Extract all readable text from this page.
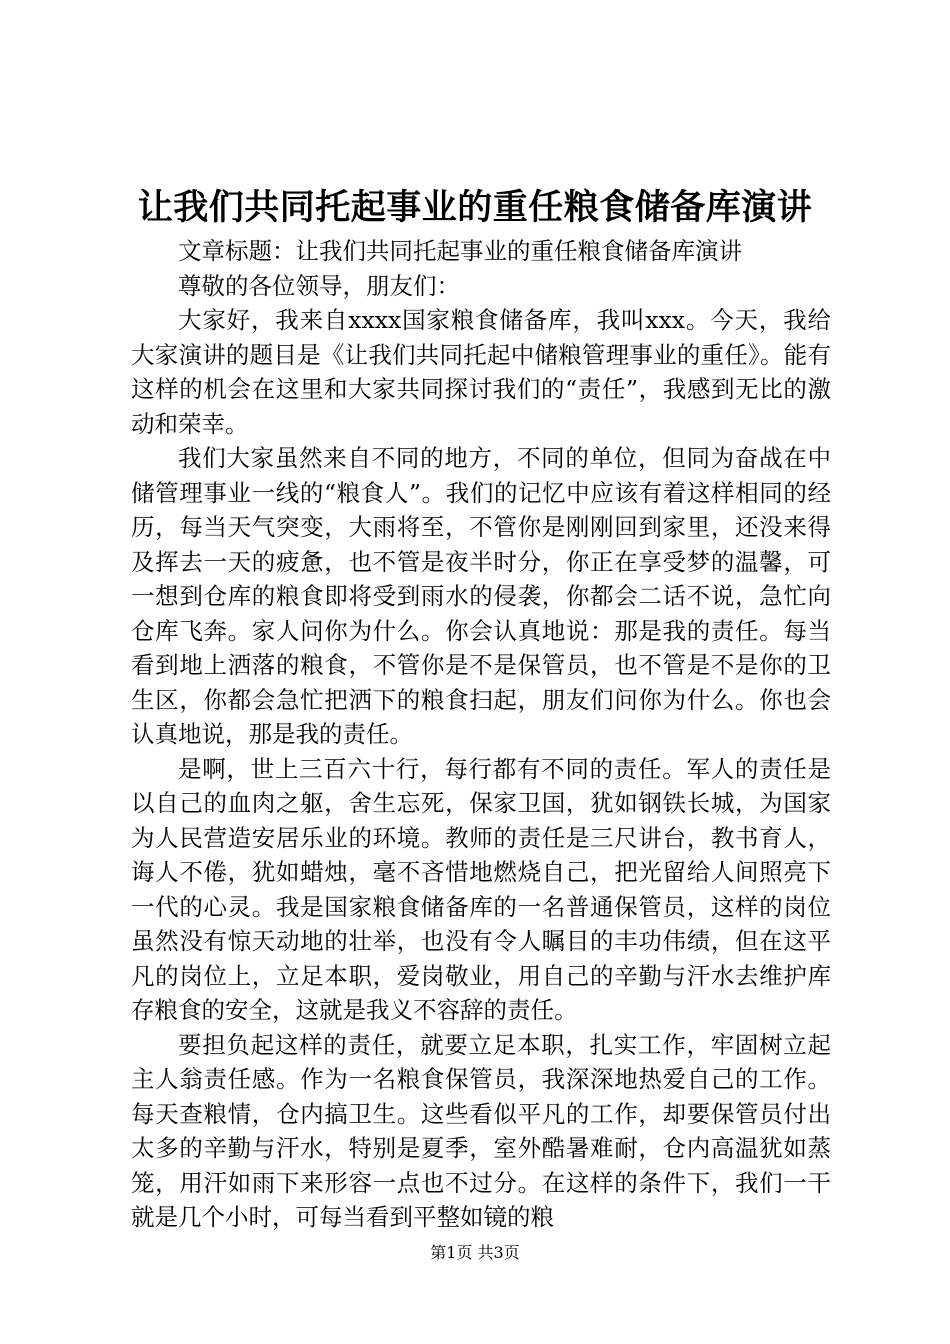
让我们共同托起事业的重任粮食储备库演讲

文章标题：让我们共同托起事业的重任粮食储备库演讲

尊敬的各位领导，朋友们：

大家好，我来自xxxx国家粮食储备库，我叫xxx。今天，我给大家演讲的题目是《让我们共同托起中储粮管理事业的重任》。能有这样的机会在这里和大家共同探讨我们的“责任”，我感到无比的激动和荣幸。

我们大家虽然来自不同的地方，不同的单位，但同为奋战在中储管理事业一线的“粮食人”。我们的记忆中应该有着这样相同的经历，每当天气突变，大雨将至，不管你是刚刚回到家里，还没来得及挥去一天的疲惫，也不管是夜半时分，你正在享受梦的温馨，可一想到仓库的粮食即将受到雨水的侵袭，你都会二话不说，急忙向仓库飞奔。家人问你为什么。你会认真地说：那是我的责任。每当看到地上洒落的粮食，不管你是不是保管员，也不管是不是你的卫生区，你都会急忙把洒下的粮食扫起，朋友们问你为什么。你也会认真地说，那是我的责任。

是啊，世上三百六十行，每行都有不同的责任。军人的责任是以自己的血肉之躯，舍生忘死，保家卫国，犹如钢铁长城，为国家为人民营造安居乐业的环境。教师的责任是三尺讲台，教书育人，诲人不倦，犹如蜡烛，毫不吝惜地燃烧自己，把光留给人间照亮下一代的心灵。我是国家粮食储备库的一名普通保管员，这样的岗位虽然没有惊天动地的壮举，也没有令人瞩目的丰功伟绩，但在这平凡的岗位上，立足本职，爱岗敬业，用自己的辛勤与汗水去维护库存粮食的安全，这就是我义不容辞的责任。

要担负起这样的责任，就要立足本职，扎实工作，牢固树立起主人翁责任感。作为一名粮食保管员，我深深地热爱自己的工作。每天查粮情，仓内搞卫生。这些看似平凡的工作，却要保管员付出太多的辛勤与汗水，特别是夏季，室外酷暑难耐，仓内高温犹如蒸笼，用汗如雨下来形容一点也不过分。在这样的条件下，我们一干就是几个小时，可每当看到平整如镜的粮

第1页 共3页
